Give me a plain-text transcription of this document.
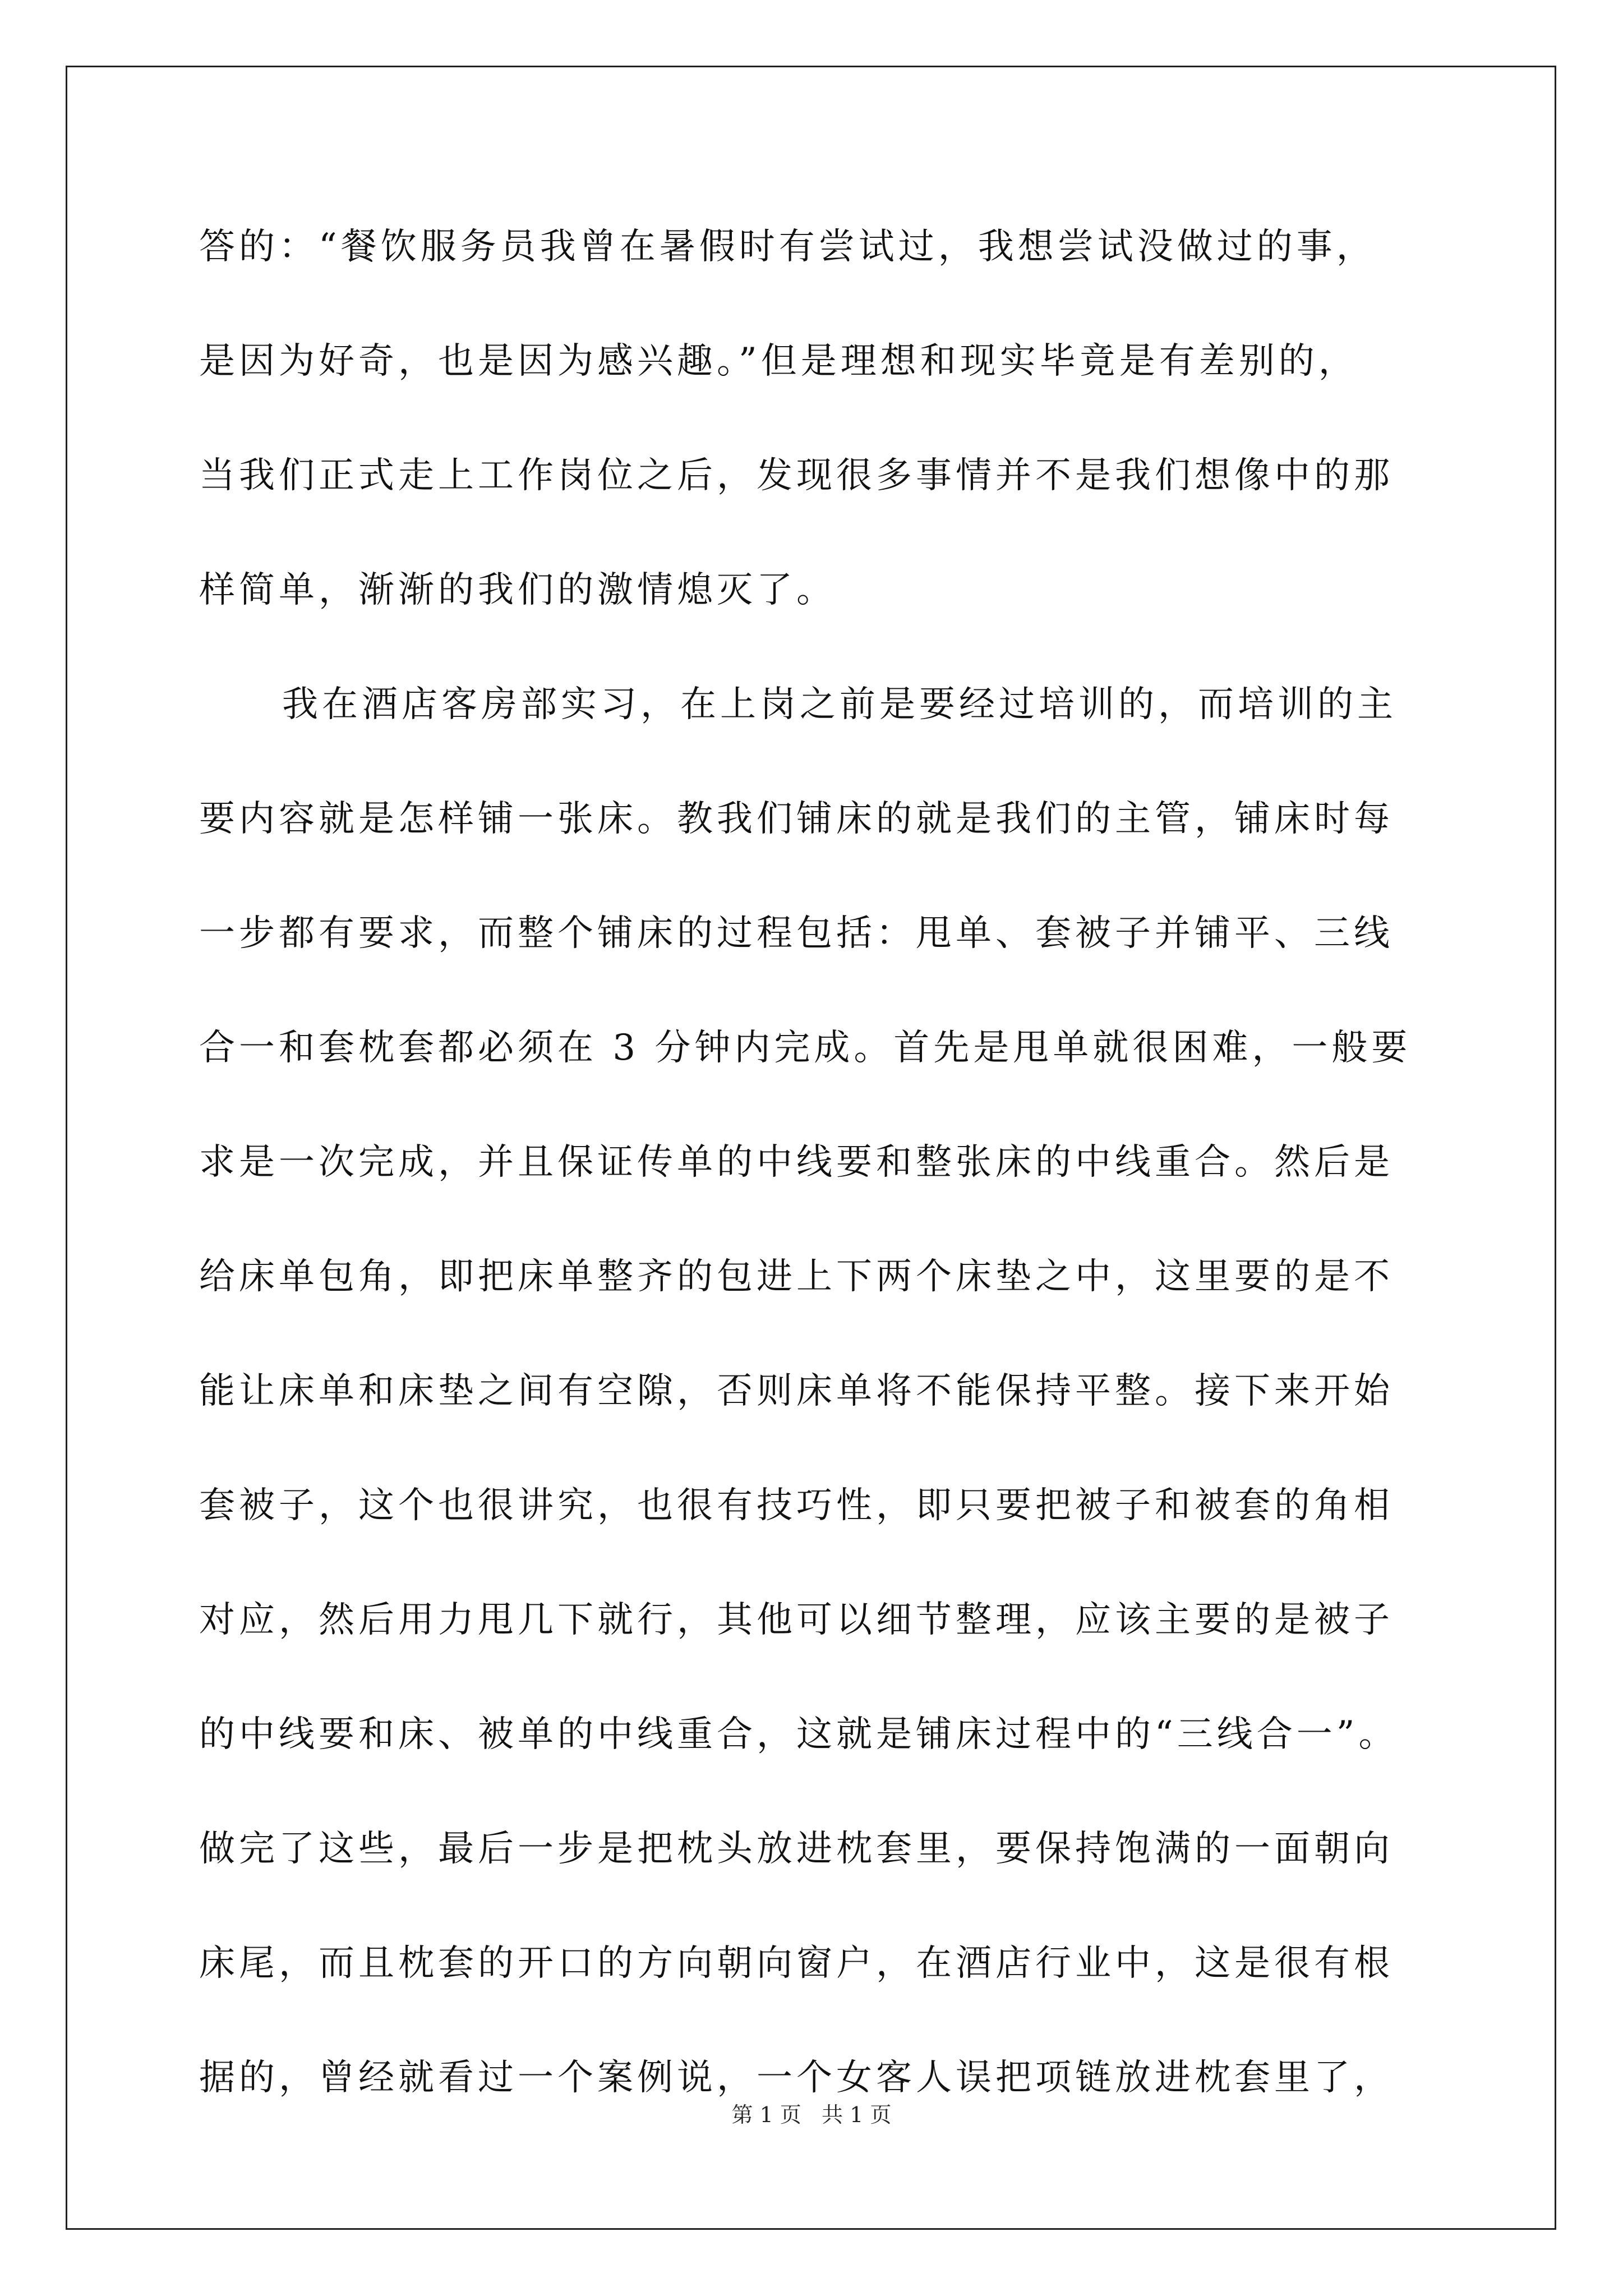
答的：“餐饮服务员我曾在暑假时有尝试过，我想尝试没做过的事，
是因为好奇，也是因为感兴趣。”但是理想和现实毕竟是有差别的，
当我们正式走上工作岗位之后，发现很多事情并不是我们想像中的那
样简单，渐渐的我们的激情熄灭了。
我在酒店客房部实习，在上岗之前是要经过培训的，而培训的主
要内容就是怎样铺一张床。教我们铺床的就是我们的主管，铺床时每
一步都有要求，而整个铺床的过程包括：甩单、套被子并铺平、三线
合一和套枕套都必须在 3 分钟内完成。首先是甩单就很困难，一般要
求是一次完成，并且保证传单的中线要和整张床的中线重合。然后是
给床单包角，即把床单整齐的包进上下两个床垫之中，这里要的是不
能让床单和床垫之间有空隙，否则床单将不能保持平整。接下来开始
套被子，这个也很讲究，也很有技巧性，即只要把被子和被套的角相
对应，然后用力甩几下就行，其他可以细节整理，应该主要的是被子
的中线要和床、被单的中线重合，这就是铺床过程中的“三线合一”。
做完了这些，最后一步是把枕头放进枕套里，要保持饱满的一面朝向
床尾，而且枕套的开口的方向朝向窗户，在酒店行业中，这是很有根
据的，曾经就看过一个案例说，一个女客人误把项链放进枕套里了，
第 1 页   共 1 页
